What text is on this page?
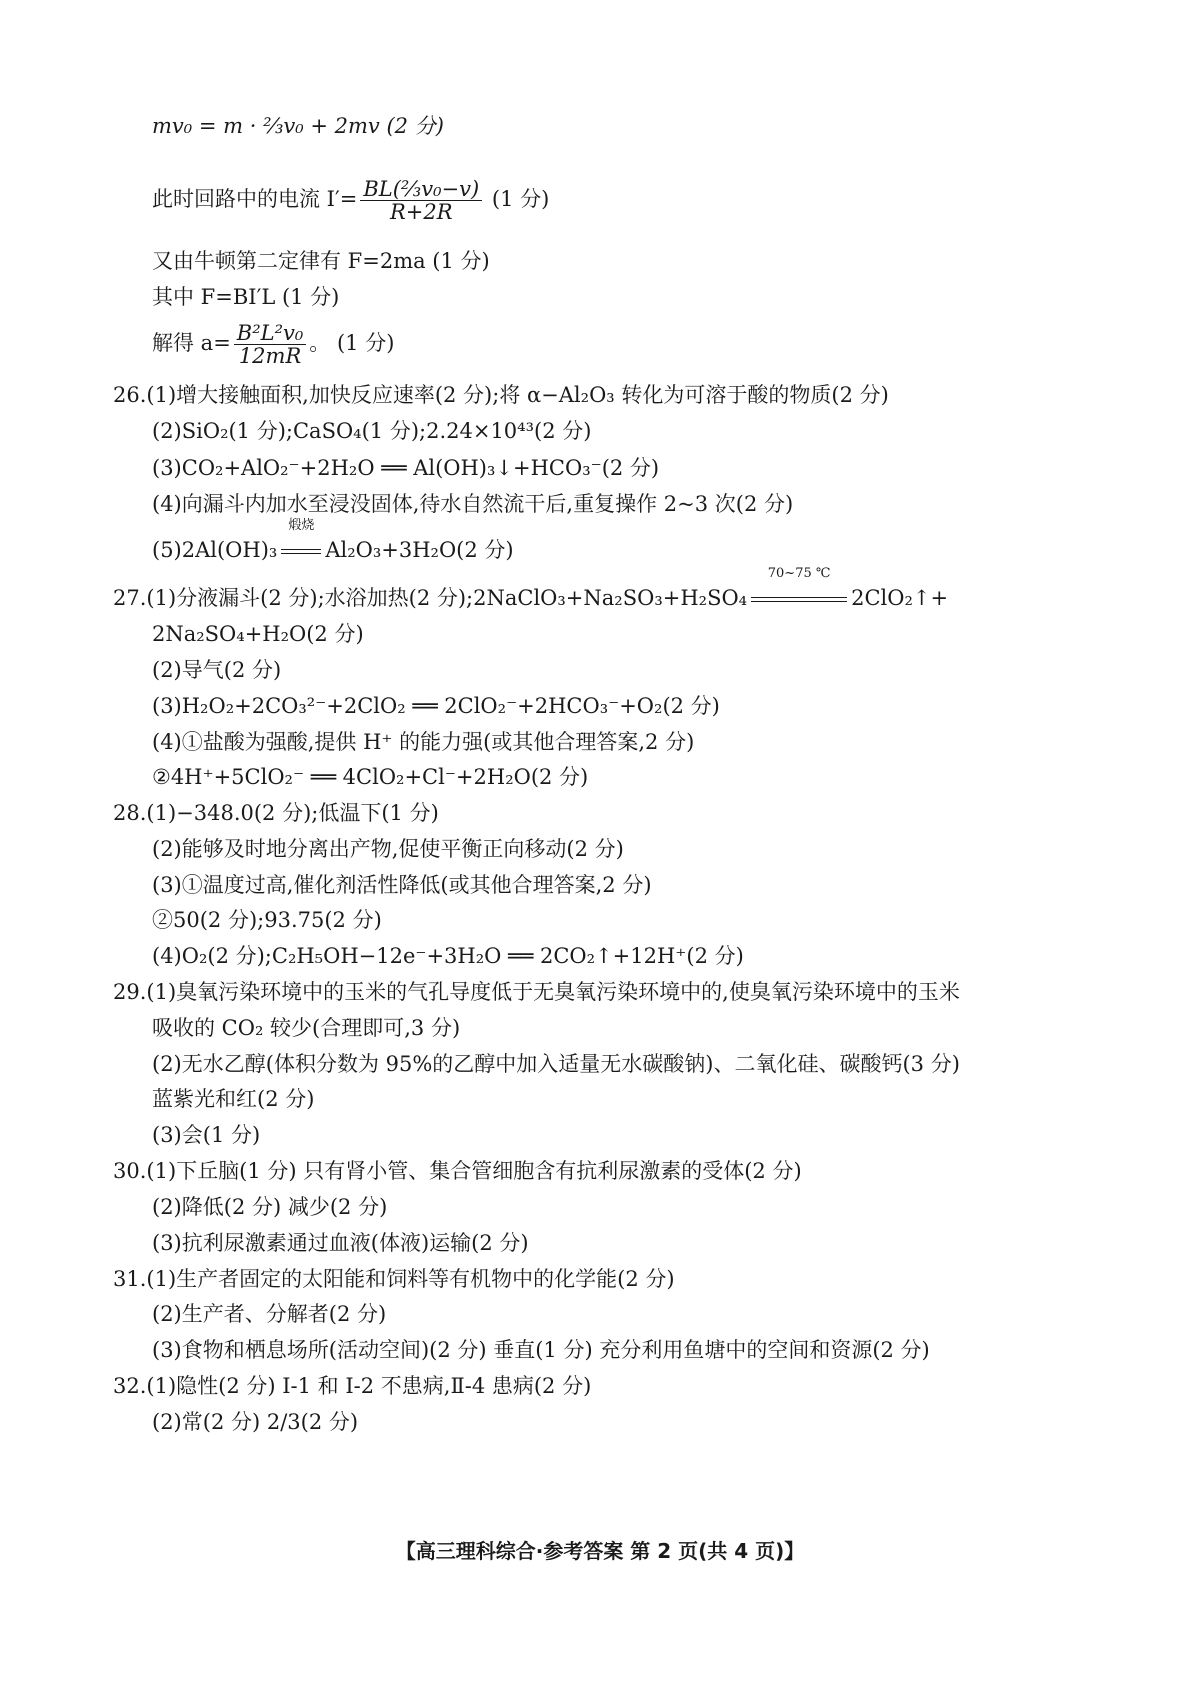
mv₀ = m · ⅔v₀ + 2mv (2 分)
此时回路中的电流 $I'= \frac{\text{BL(⅔v₀−v)}}{R+2R} (1$ 分)
又由牛顿第二定律有 F=2ma (1 分)
其中 F=BI′L (1 分)
解得 $a= \frac{\text{B²L²v₀}}{12mR}$ 。 (1 分)
26.(1)增大接触面积,加快反应速率(2 分);将 α−Al₂O₃ 转化为可溶于酸的物质(2 分)
(2)SiO₂(1 分);CaSO₄(1 分);2.24×10⁴³(2 分)
(3)CO₂+AlO₂⁻+2H₂O ══ Al(OH)₃↓+HCO₃⁻(2 分)
(4)向漏斗内加水至浸没固体,待水自然流干后,重复操作 2~3 次(2 分)
(5)2Al(OH)₃
煅烧
Al₂O₃+3H₂O(2 分)
27.(1)分液漏斗(2 分);水浴加热(2 分);2NaClO₃+Na₂SO₃+H₂SO₄
70~75 ℃
2ClO₂↑+
2Na₂SO₄+H₂O(2 分)
(2)导气(2 分)
(3)H₂O₂+2CO₃²⁻+2ClO₂ ══ 2ClO₂⁻+2HCO₃⁻+O₂(2 分)
(4)①盐酸为强酸,提供 H⁺ 的能力强(或其他合理答案,2 分)
②4H⁺+5ClO₂⁻ ══ 4ClO₂+Cl⁻+2H₂O(2 分)
28.(1)−348.0(2 分);低温下(1 分)
(2)能够及时地分离出产物,促使平衡正向移动(2 分)
(3)①温度过高,催化剂活性降低(或其他合理答案,2 分)
②50(2 分);93.75(2 分)
(4)O₂(2 分);C₂H₅OH−12e⁻+3H₂O ══ 2CO₂↑+12H⁺(2 分)
29.(1)臭氧污染环境中的玉米的气孔导度低于无臭氧污染环境中的,使臭氧污染环境中的玉米
吸收的 CO₂ 较少(合理即可,3 分)
(2)无水乙醇(体积分数为 95%的乙醇中加入适量无水碳酸钠)、二氧化硅、碳酸钙(3 分)
蓝紫光和红(2 分)
(3)会(1 分)
30.(1)下丘脑(1 分) 只有肾小管、集合管细胞含有抗利尿激素的受体(2 分)
(2)降低(2 分) 减少(2 分)
(3)抗利尿激素通过血液(体液)运输(2 分)
31.(1)生产者固定的太阳能和饲料等有机物中的化学能(2 分)
(2)生产者、分解者(2 分)
(3)食物和栖息场所(活动空间)(2 分) 垂直(1 分) 充分利用鱼塘中的空间和资源(2 分)
32.(1)隐性(2 分) Ⅰ-1 和 Ⅰ-2 不患病,Ⅱ-4 患病(2 分)
(2)常(2 分) 2/3(2 分)
【高三理科综合·参考答案 第 2 页(共 4 页)】
